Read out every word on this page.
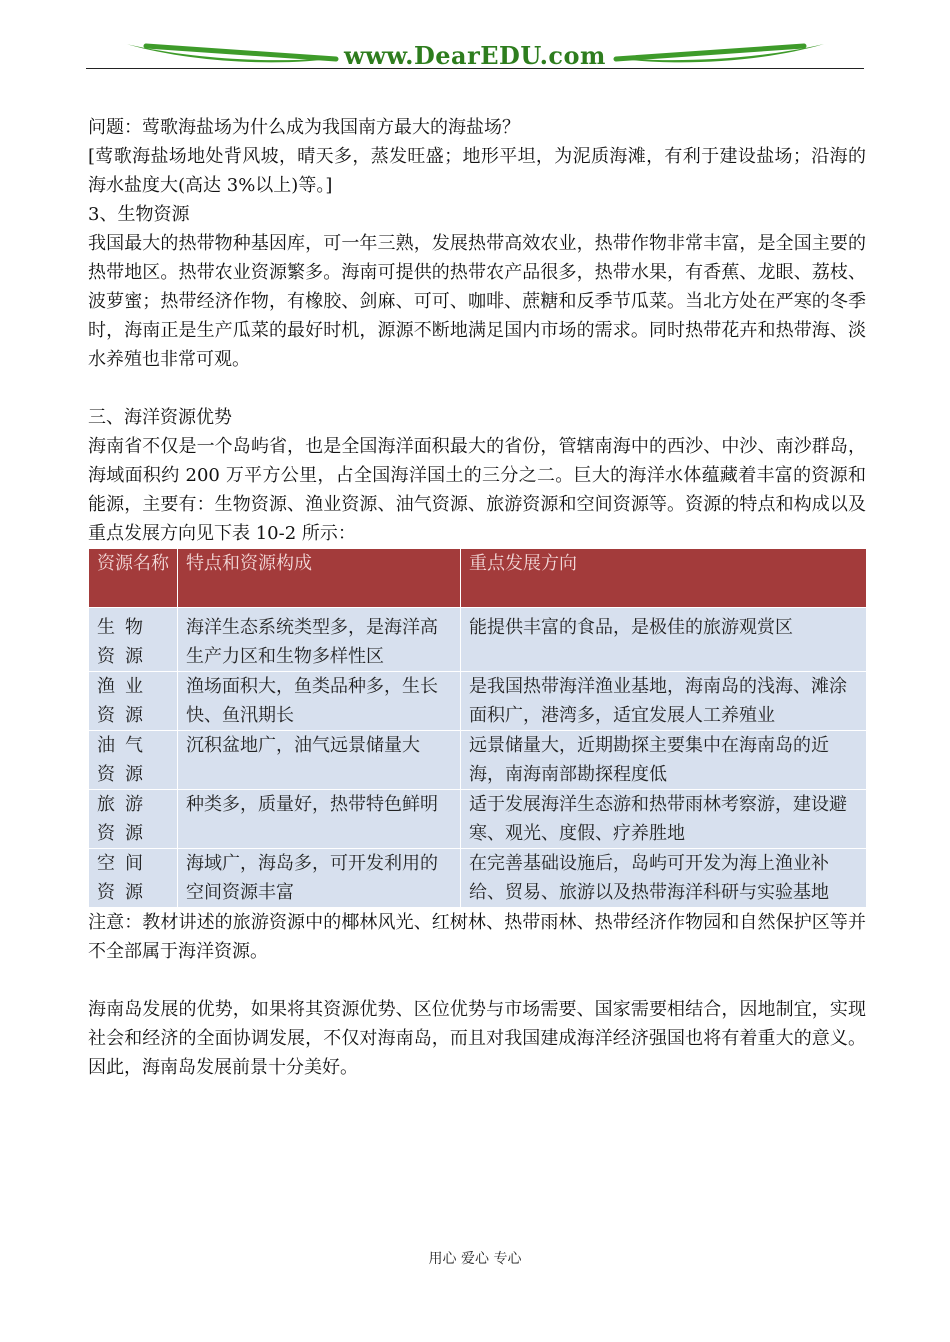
www.DearEDU.com

问题：莺歌海盐场为什么成为我国南方最大的海盐场？

[莺歌海盐场地处背风坡，晴天多，蒸发旺盛；地形平坦，为泥质海滩，有利于建设盐场；沿海的海水盐度大(高达 3%以上)等。]

3、生物资源

我国最大的热带物种基因库，可一年三熟，发展热带高效农业，热带作物非常丰富，是全国主要的热带地区。热带农业资源繁多。海南可提供的热带农产品很多，热带水果，有香蕉、龙眼、荔枝、波萝蜜；热带经济作物，有橡胶、剑麻、可可、咖啡、蔗糖和反季节瓜菜。当北方处在严寒的冬季时，海南正是生产瓜菜的最好时机，源源不断地满足国内市场的需求。同时热带花卉和热带海、淡水养殖也非常可观。

三、海洋资源优势

海南省不仅是一个岛屿省，也是全国海洋面积最大的省份，管辖南海中的西沙、中沙、南沙群岛，海域面积约 200 万平方公里，占全国海洋国土的三分之二。巨大的海洋水体蕴藏着丰富的资源和能源，主要有：生物资源、渔业资源、油气资源、旅游资源和空间资源等。资源的特点和构成以及重点发展方向见下表 10-2 所示：

资源名称	特点和资源构成	重点发展方向
生物资源	海洋生态系统类型多，是海洋高生产力区和生物多样性区	能提供丰富的食品，是极佳的旅游观赏区
渔业资源	渔场面积大，鱼类品种多，生长快、鱼汛期长	是我国热带海洋渔业基地，海南岛的浅海、滩涂面积广，港湾多，适宜发展人工养殖业
油气资源	沉积盆地广，油气远景储量大	远景储量大，近期勘探主要集中在海南岛的近海，南海南部勘探程度低
旅游资源	种类多，质量好，热带特色鲜明	适于发展海洋生态游和热带雨林考察游，建设避寒、观光、度假、疗养胜地
空间资源	海域广，海岛多，可开发利用的空间资源丰富	在完善基础设施后，岛屿可开发为海上渔业补给、贸易、旅游以及热带海洋科研与实验基地

注意：教材讲述的旅游资源中的椰林风光、红树林、热带雨林、热带经济作物园和自然保护区等并不全部属于海洋资源。

海南岛发展的优势，如果将其资源优势、区位优势与市场需要、国家需要相结合，因地制宜，实现社会和经济的全面协调发展，不仅对海南岛，而且对我国建成海洋经济强国也将有着重大的意义。因此，海南岛发展前景十分美好。

用心 爱心 专心
